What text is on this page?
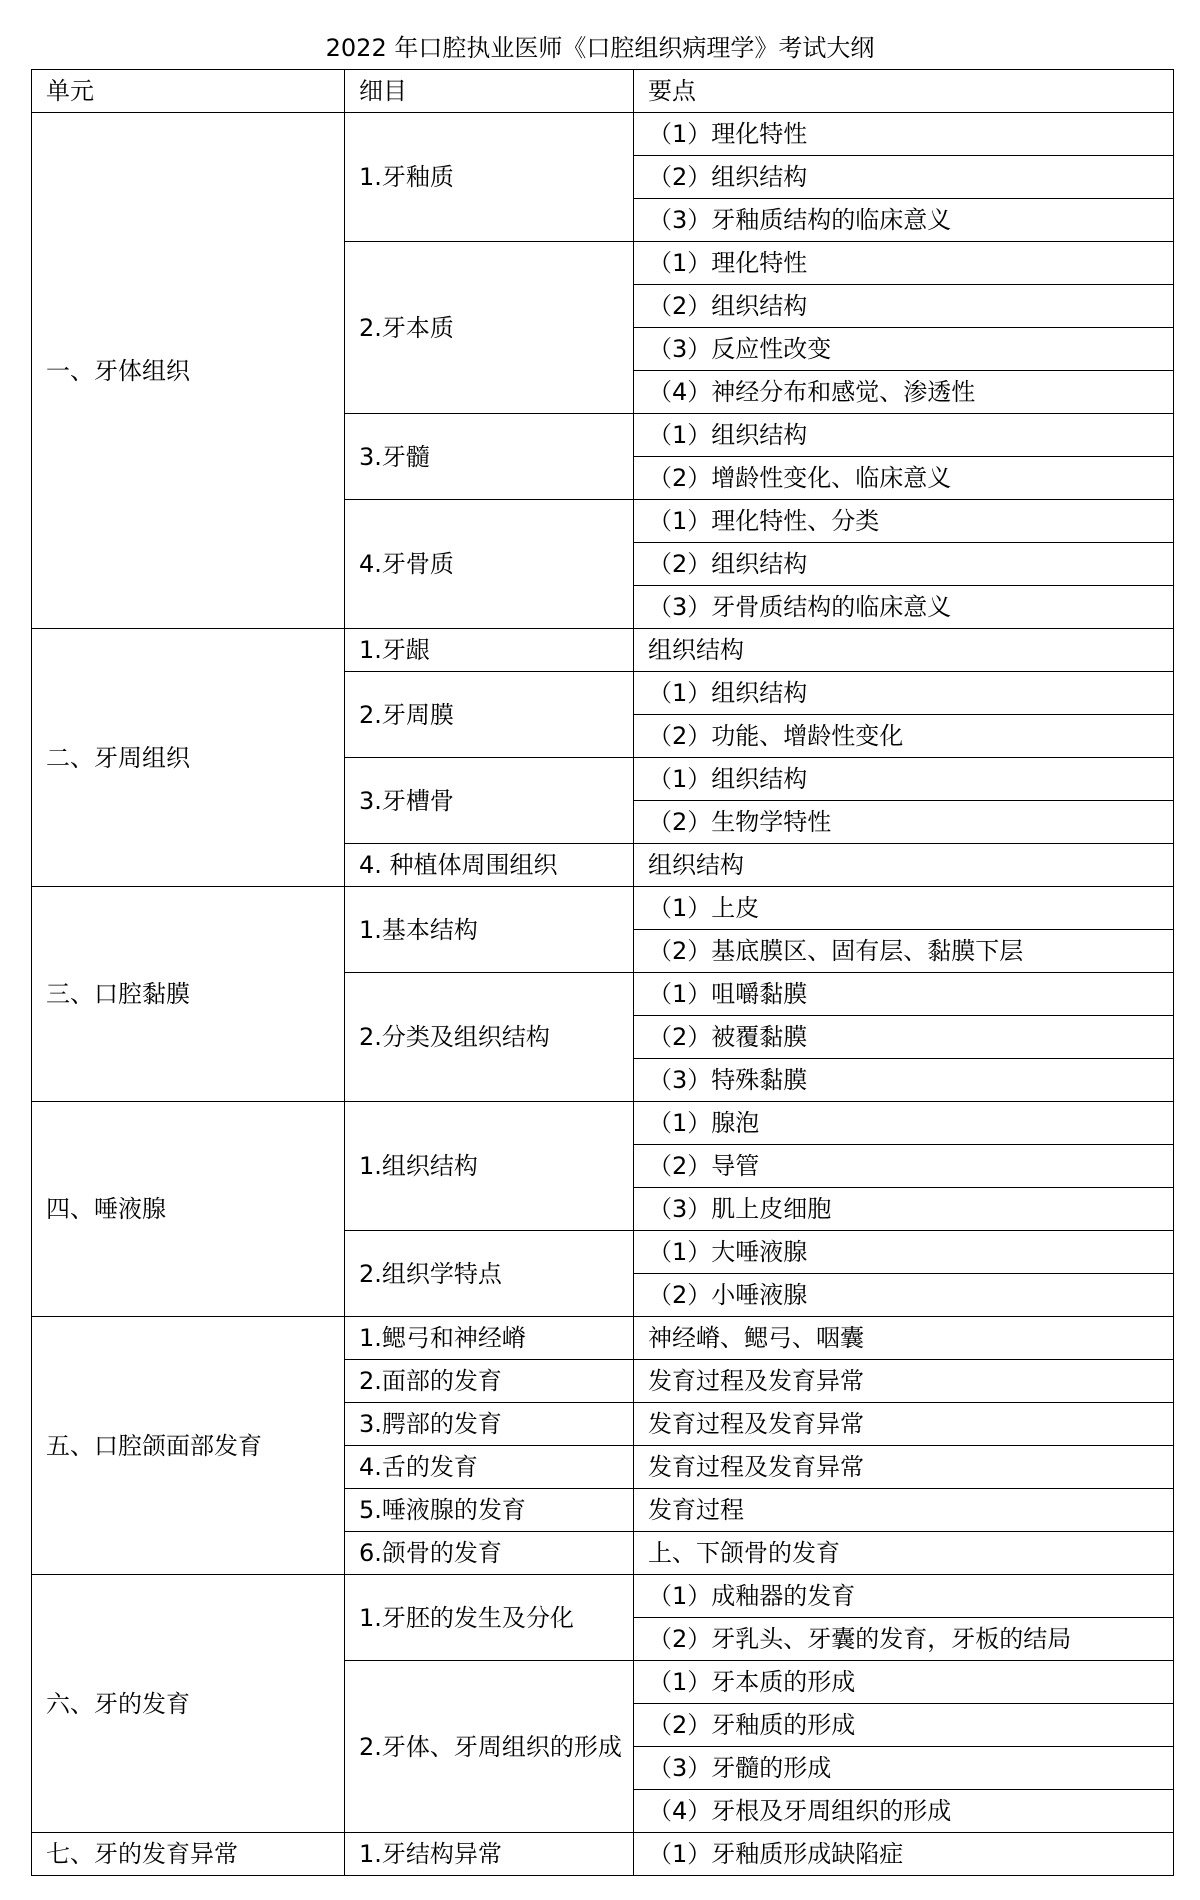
2022 年口腔执业医师《口腔组织病理学》考试大纲
单元	细目	要点
一、牙体组织	1.牙釉质	（1）理化特性
		（2）组织结构
		（3）牙釉质结构的临床意义
	2.牙本质	（1）理化特性
		（2）组织结构
		（3）反应性改变
		（4）神经分布和感觉、渗透性
	3.牙髓	（1）组织结构
		（2）增龄性变化、临床意义
	4.牙骨质	（1）理化特性、分类
		（2）组织结构
		（3）牙骨质结构的临床意义
二、牙周组织	1.牙龈	组织结构
	2.牙周膜	（1）组织结构
		（2）功能、增龄性变化
	3.牙槽骨	（1）组织结构
		（2）生物学特性
	4. 种植体周围组织	组织结构
三、口腔黏膜	1.基本结构	（1）上皮
		（2）基底膜区、固有层、黏膜下层
	2.分类及组织结构	（1）咀嚼黏膜
		（2）被覆黏膜
		（3）特殊黏膜
四、唾液腺	1.组织结构	（1）腺泡
		（2）导管
		（3）肌上皮细胞
	2.组织学特点	（1）大唾液腺
		（2）小唾液腺
五、口腔颌面部发育	1.鳃弓和神经嵴	神经嵴、鳃弓、咽囊
	2.面部的发育	发育过程及发育异常
	3.腭部的发育	发育过程及发育异常
	4.舌的发育	发育过程及发育异常
	5.唾液腺的发育	发育过程
	6.颌骨的发育	上、下颌骨的发育
六、牙的发育	1.牙胚的发生及分化	（1）成釉器的发育
		（2）牙乳头、牙囊的发育，牙板的结局
	2.牙体、牙周组织的形成	（1）牙本质的形成
		（2）牙釉质的形成
		（3）牙髓的形成
		（4）牙根及牙周组织的形成
七、牙的发育异常	1.牙结构异常	（1）牙釉质形成缺陷症
